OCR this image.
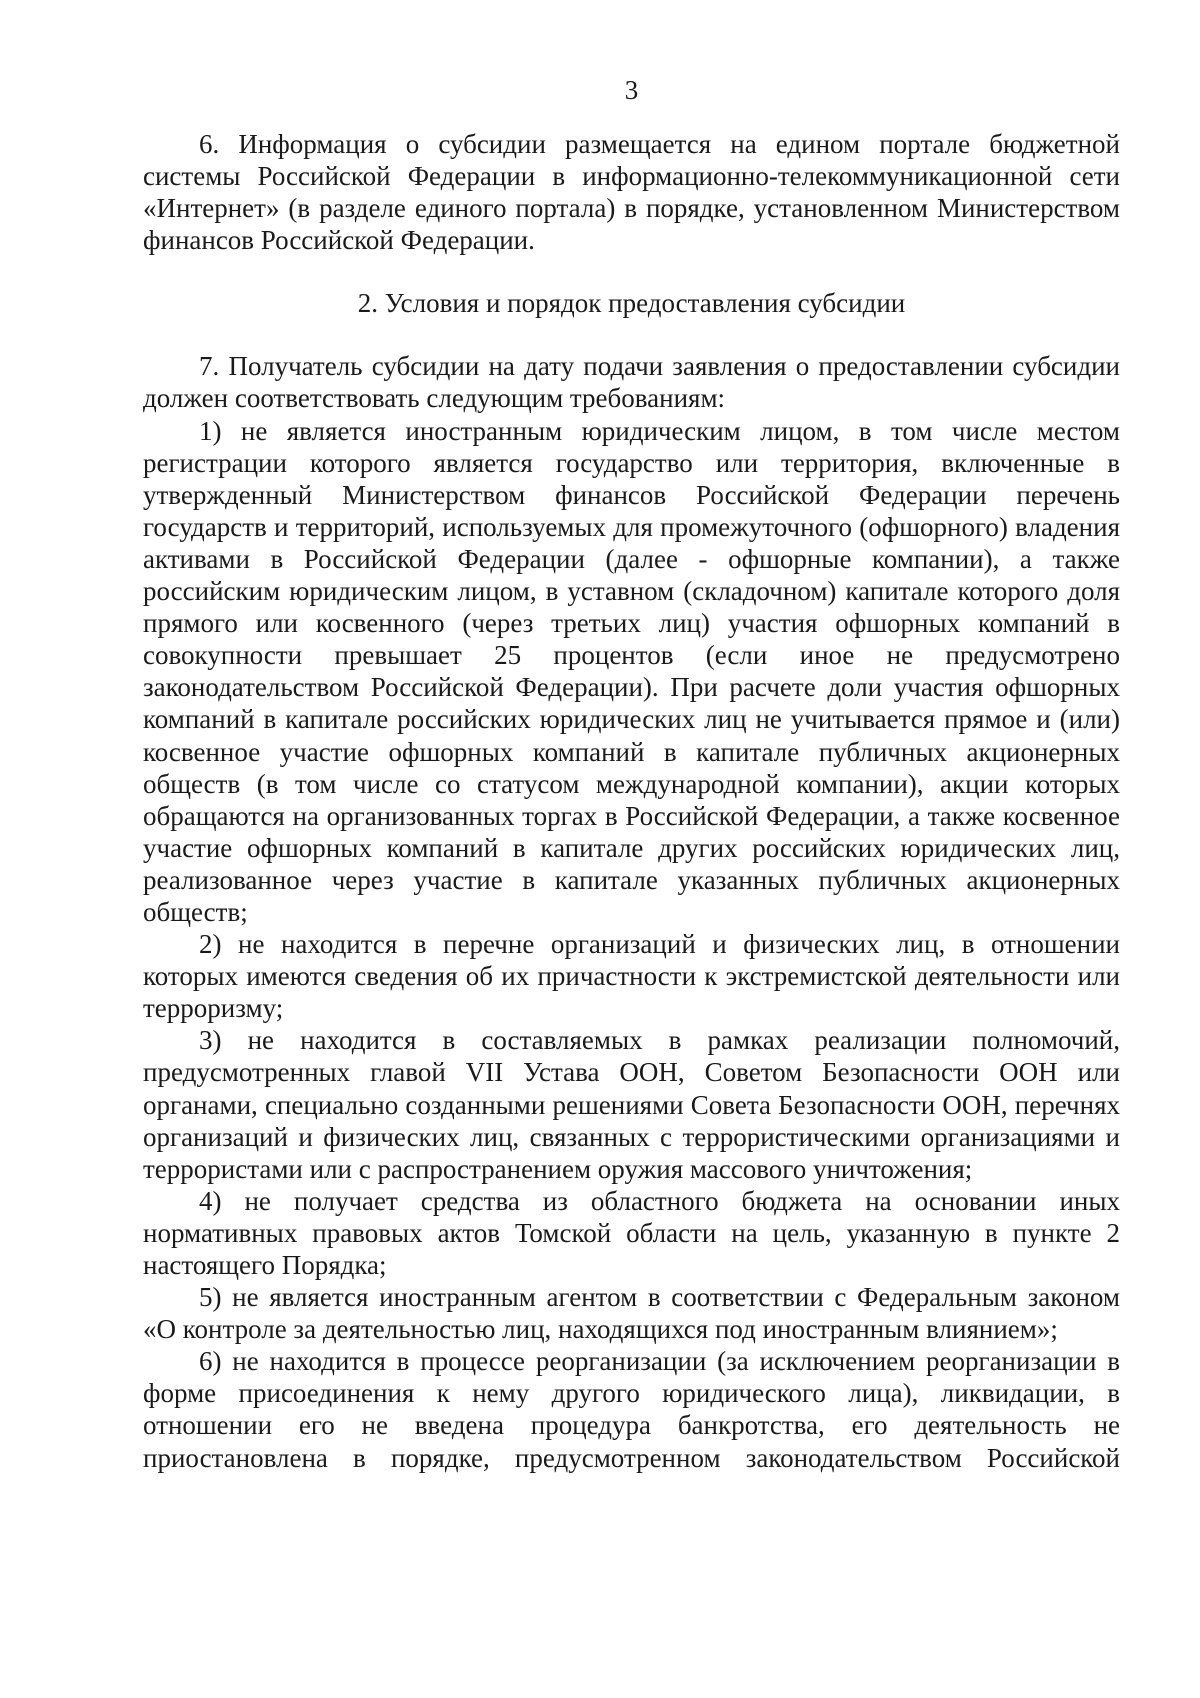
3

6. Информация о субсидии размещается на едином портале бюджетной системы Российской Федерации в информационно-телекоммуникационной сети «Интернет» (в разделе единого портала) в порядке, установленном Министерством финансов Российской Федерации.

2. Условия и порядок предоставления субсидии

7. Получатель субсидии на дату подачи заявления о предоставлении субсидии должен соответствовать следующим требованиям:

1) не является иностранным юридическим лицом, в том числе местом регистрации которого является государство или территория, включенные в утвержденный Министерством финансов Российской Федерации перечень государств и территорий, используемых для промежуточного (офшорного) владения активами в Российской Федерации (далее - офшорные компании), а также российским юридическим лицом, в уставном (складочном) капитале которого доля прямого или косвенного (через третьих лиц) участия офшорных компаний в совокупности превышает 25 процентов (если иное не предусмотрено законодательством Российской Федерации). При расчете доли участия офшорных компаний в капитале российских юридических лиц не учитывается прямое и (или) косвенное участие офшорных компаний в капитале публичных акционерных обществ (в том числе со статусом международной компании), акции которых обращаются на организованных торгах в Российской Федерации, а также косвенное участие офшорных компаний в капитале других российских юридических лиц, реализованное через участие в капитале указанных публичных акционерных обществ;

2) не находится в перечне организаций и физических лиц, в отношении которых имеются сведения об их причастности к экстремистской деятельности или терроризму;

3) не находится в составляемых в рамках реализации полномочий, предусмотренных главой VII Устава ООН, Советом Безопасности ООН или органами, специально созданными решениями Совета Безопасности ООН, перечнях организаций и физических лиц, связанных с террористическими организациями и террористами или с распространением оружия массового уничтожения;

4) не получает средства из областного бюджета на основании иных нормативных правовых актов Томской области на цель, указанную в пункте 2 настоящего Порядка;

5) не является иностранным агентом в соответствии с Федеральным законом «О контроле за деятельностью лиц, находящихся под иностранным влиянием»;

6) не находится в процессе реорганизации (за исключением реорганизации в форме присоединения к нему другого юридического лица), ликвидации, в отношении его не введена процедура банкротства, его деятельность не приостановлена в порядке, предусмотренном законодательством Российской
